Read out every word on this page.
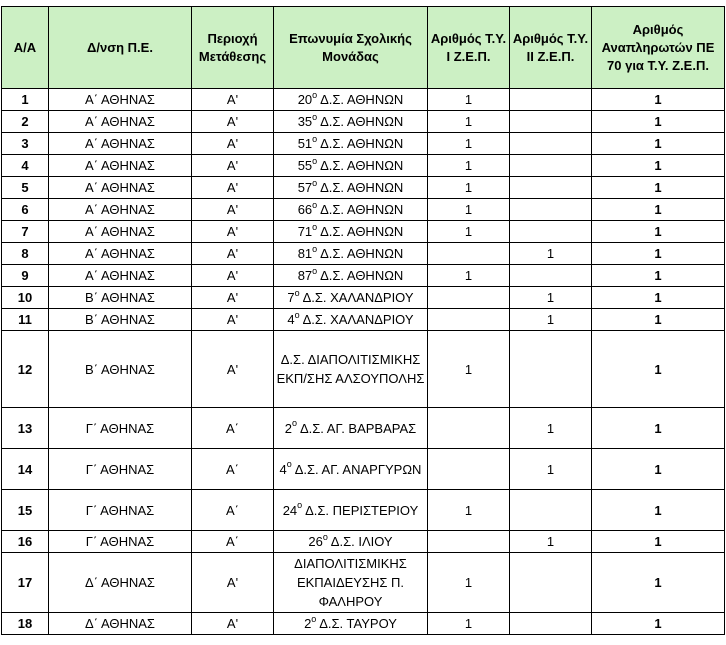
Α/Α	Δ/νση Π.Ε.	Περιοχή Μετάθεσης	Επωνυμία Σχολικής Μονάδας	Αριθμός Τ.Υ. Ι Ζ.Ε.Π.	Αριθμός Τ.Υ. ΙΙ Ζ.Ε.Π.	Αριθμός Αναπληρωτών ΠΕ 70 για Τ.Υ. Ζ.Ε.Π.
1	Α΄ ΑΘΗΝΑΣ	Α'	$20^o$ Δ.Σ. ΑΘΗΝΩΝ	1		1
2	Α΄ ΑΘΗΝΑΣ	Α'	$35^o$ Δ.Σ. ΑΘΗΝΩΝ	1		1
3	Α΄ ΑΘΗΝΑΣ	Α'	$51^o$ Δ.Σ. ΑΘΗΝΩΝ	1		1
4	Α΄ ΑΘΗΝΑΣ	Α'	$55^o$ Δ.Σ. ΑΘΗΝΩΝ	1		1
5	Α΄ ΑΘΗΝΑΣ	Α'	$57^o$ Δ.Σ. ΑΘΗΝΩΝ	1		1
6	Α΄ ΑΘΗΝΑΣ	Α'	$66^o$ Δ.Σ. ΑΘΗΝΩΝ	1		1
7	Α΄ ΑΘΗΝΑΣ	Α'	$71^o$ Δ.Σ. ΑΘΗΝΩΝ	1		1
8	Α΄ ΑΘΗΝΑΣ	Α'	$81^o$ Δ.Σ. ΑΘΗΝΩΝ		1	1
9	Α΄ ΑΘΗΝΑΣ	Α'	$87^o$ Δ.Σ. ΑΘΗΝΩΝ	1		1
10	Β΄ ΑΘΗΝΑΣ	Α'	$7^o$ Δ.Σ. ΧΑΛΑΝΔΡΙΟΥ		1	1
11	Β΄ ΑΘΗΝΑΣ	Α'	$4^o$ Δ.Σ. ΧΑΛΑΝΔΡΙΟΥ		1	1
12	Β΄ ΑΘΗΝΑΣ	Α'	Δ.Σ. ΔΙΑΠΟΛΙΤΙΣΜΙΚΗΣ ΕΚΠ/ΣΗΣ ΑΛΣΟΥΠΟΛΗΣ	1		1
13	Γ΄ ΑΘΗΝΑΣ	Α΄	$2^o$ Δ.Σ. ΑΓ. ΒΑΡΒΑΡΑΣ		1	1
14	Γ΄ ΑΘΗΝΑΣ	Α΄	$4^o$ Δ.Σ. ΑΓ. ΑΝΑΡΓΥΡΩΝ		1	1
15	Γ΄ ΑΘΗΝΑΣ	Α΄	$24^o$ Δ.Σ. ΠΕΡΙΣΤΕΡΙΟΥ	1		1
16	Γ΄ ΑΘΗΝΑΣ	Α΄	$26^o$ Δ.Σ. ΙΛΙΟΥ		1	1
17	Δ΄ ΑΘΗΝΑΣ	Α'	ΔΙΑΠΟΛΙΤΙΣΜΙΚΗΣ ΕΚΠΑΙΔΕΥΣΗΣ Π. ΦΑΛΗΡΟΥ	1		1
18	Δ΄ ΑΘΗΝΑΣ	Α'	$2^o$ Δ.Σ. ΤΑΥΡΟΥ	1		1
